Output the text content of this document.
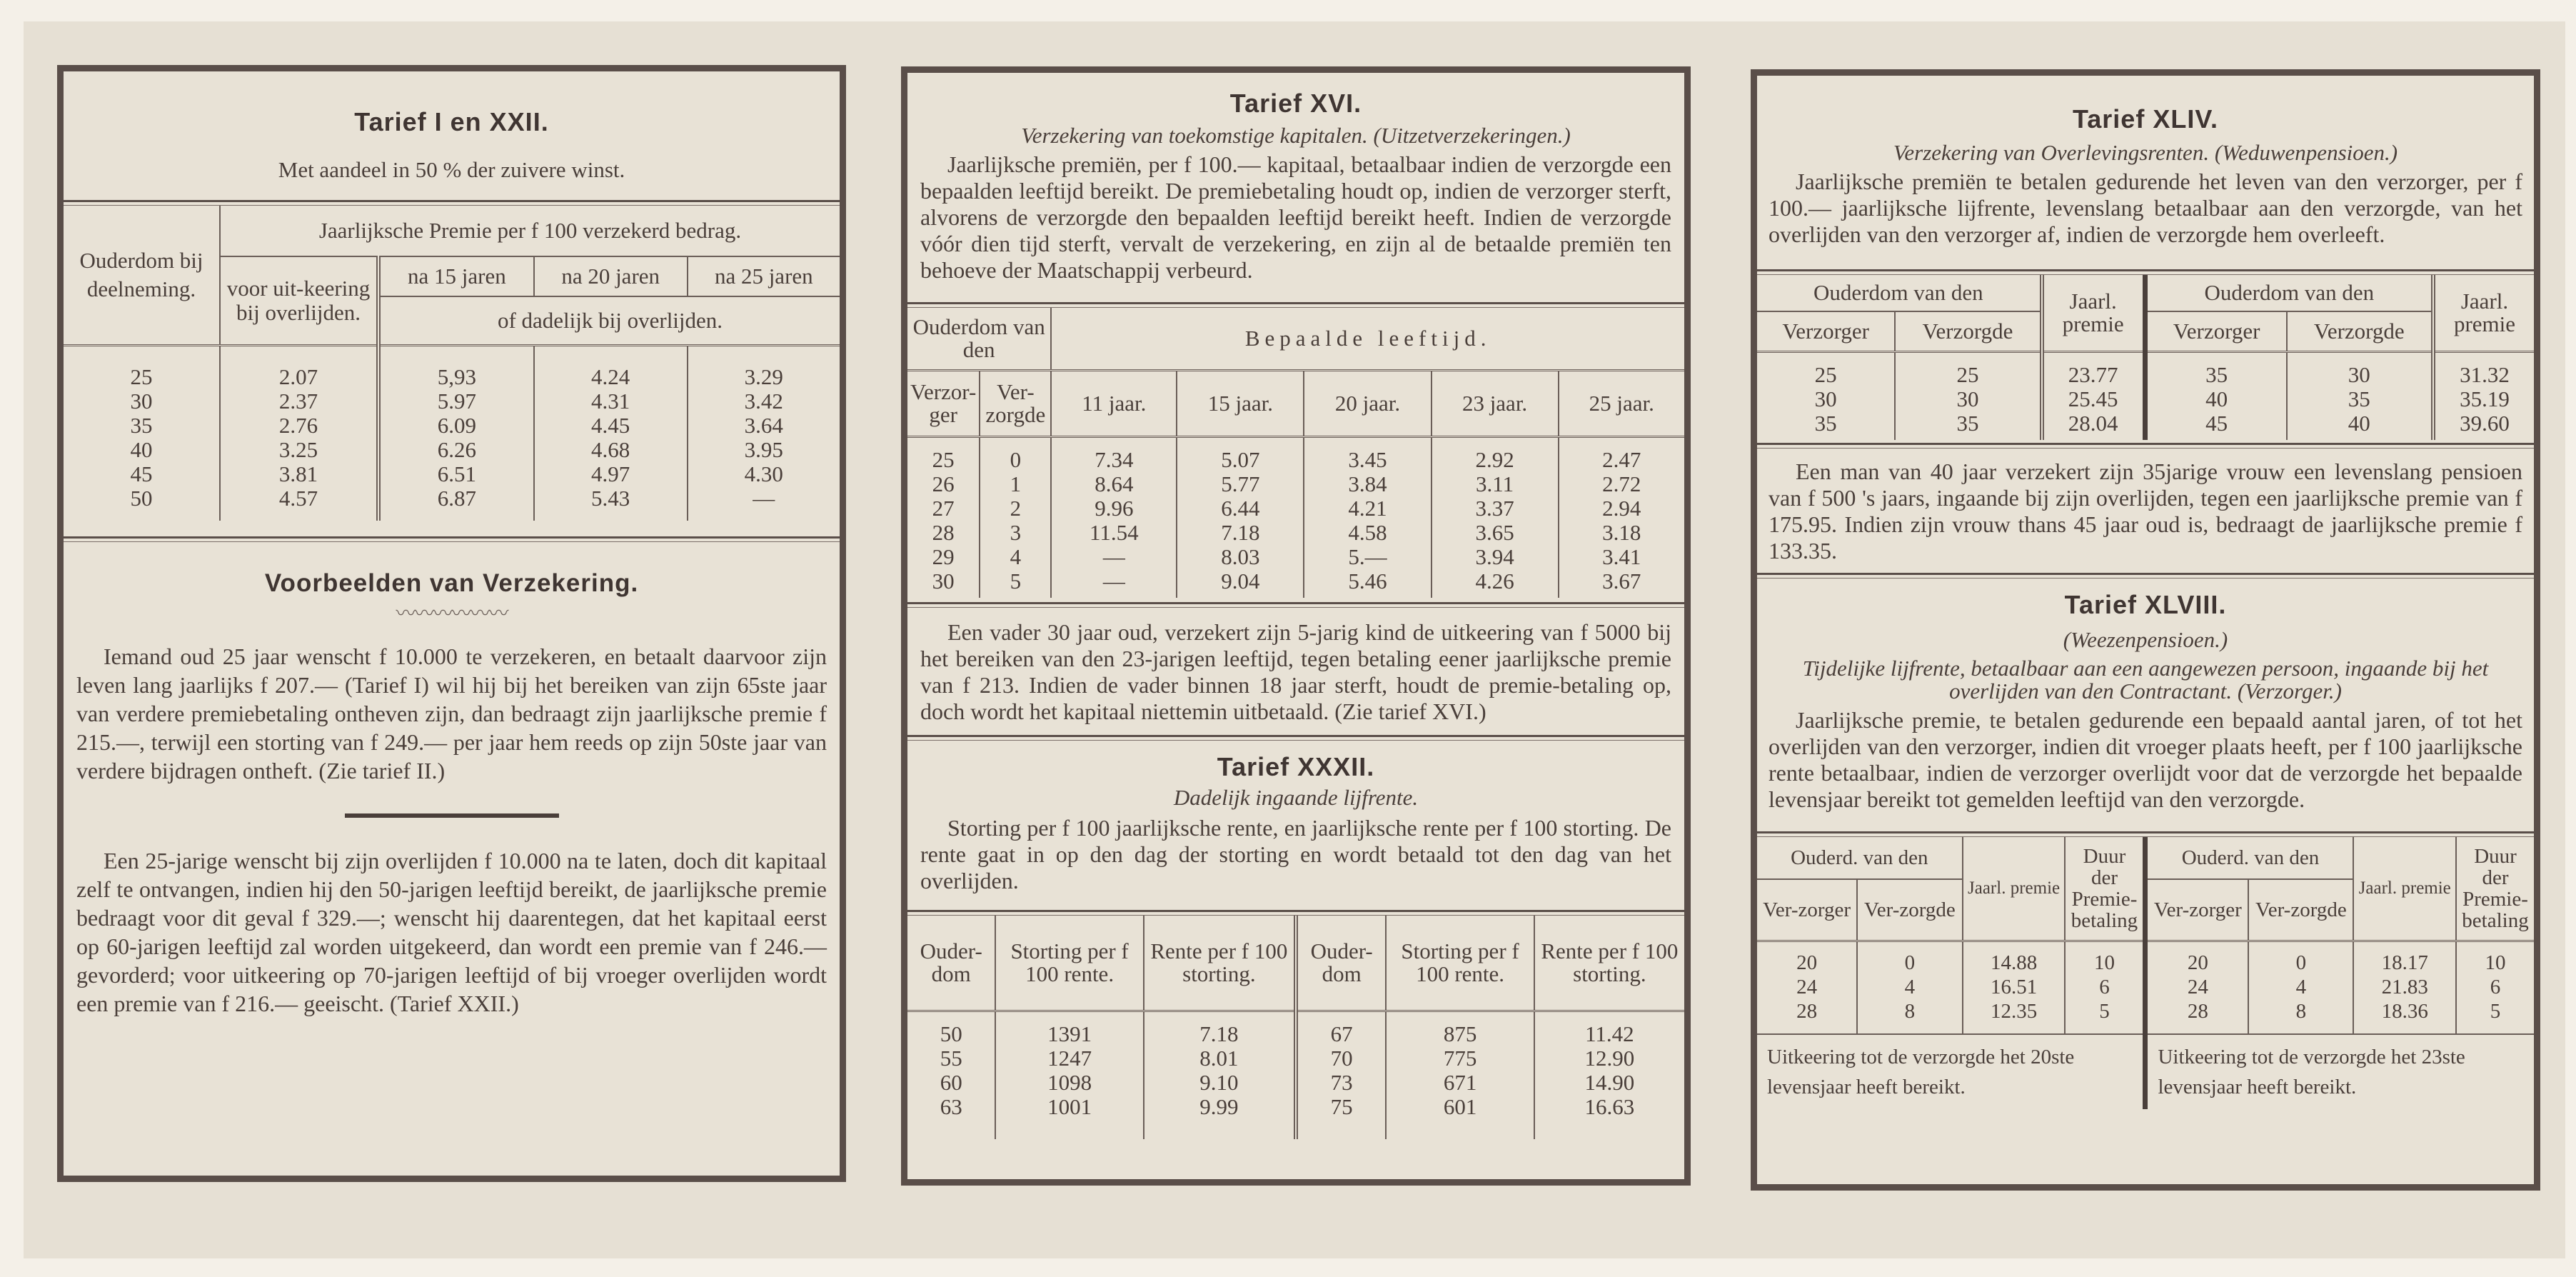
Tarief I en XXII.
Met aandeel in 50 % der zuivere winst.
Ouderdom bij deelneming.	Jaarlijksche Premie per f 100 verzekerd bedrag.			
	voor uit-keering bij overlijden.	na 15 jaren	na 20 jaren	na 25 jaren
		of dadelijk bij overlijden.		
25	2.07	5,93	4.24	3.29
30	2.37	5.97	4.31	3.42
35	2.76	6.09	4.45	3.64
40	3.25	6.26	4.68	3.95
45	3.81	6.51	4.97	4.30
50	4.57	6.87	5.43	—
Voorbeelden van Verzekering.

〰〰〰〰〰〰

Iemand oud 25 jaar wenscht f 10.000 te verzekeren, en betaalt daarvoor zijn leven lang jaarlijks f 207.— (Tarief I) wil hij bij het bereiken van zijn 65ste jaar van verdere premiebetaling ontheven zijn, dan bedraagt zijn jaarlijksche premie f 215.—, terwijl een storting van f 249.— per jaar hem reeds op zijn 50ste jaar van verdere bijdragen ontheft. (Zie tarief II.)

Een 25-jarige wenscht bij zijn overlijden f 10.000 na te laten, doch dit kapitaal zelf te ontvangen, indien hij den 50-jarigen leeftijd bereikt, de jaarlijksche premie bedraagt voor dit geval f 329.—; wenscht hij daarentegen, dat het kapitaal eerst op 60-jarigen leeftijd zal worden uitgekeerd, dan wordt een premie van f 246.— gevorderd; voor uitkeering op 70-jarigen leeftijd of bij vroeger overlijden wordt een premie van f 216.— geeischt. (Tarief XXII.)

Tarief XVI.
Verzekering van toekomstige kapitalen. (Uitzetverzekeringen.)

Jaarlijksche premiën, per f 100.— kapitaal, betaalbaar indien de verzorgde een bepaalden leeftijd bereikt. De premiebetaling houdt op, indien de verzorger sterft, alvorens de verzorgde den bepaalden leeftijd bereikt heeft. Indien de verzorgde vóór dien tijd sterft, vervalt de verzekering, en zijn al de betaalde premiën ten behoeve der Maatschappij verbeurd.

Ouderdom van den		Bepaalde leeftijd.				
Verzor-ger	Ver-zorgde	11 jaar.	15 jaar.	20 jaar.	23 jaar.	25 jaar.
25	0	7.34	5.07	3.45	2.92	2.47
26	1	8.64	5.77	3.84	3.11	2.72
27	2	9.96	6.44	4.21	3.37	2.94
28	3	11.54	7.18	4.58	3.65	3.18
29	4	—	8.03	5.—	3.94	3.41
30	5	—	9.04	5.46	4.26	3.67

Een vader 30 jaar oud, verzekert zijn 5-jarig kind de uitkeering van f 5000 bij het bereiken van den 23-jarigen leeftijd, tegen betaling eener jaarlijksche premie van f 213. Indien de vader binnen 18 jaar sterft, houdt de premie-betaling op, doch wordt het kapitaal niettemin uitbetaald. (Zie tarief XVI.)

Tarief XXXII.
Dadelijk ingaande lijfrente.

Storting per f 100 jaarlijksche rente, en jaarlijksche rente per f 100 storting. De rente gaat in op den dag der storting en wordt betaald tot den dag van het overlijden.

Ouder-dom	Storting per f 100 rente.	Rente per f 100 storting.	Ouder-dom	Storting per f 100 rente.	Rente per f 100 storting.
50	1391	7.18	67	875	11.42
55	1247	8.01	70	775	12.90
60	1098	9.10	73	671	14.90
63	1001	9.99	75	601	16.63
Tarief XLIV.
Verzekering van Overlevingsrenten. (Weduwenpensioen.)

Jaarlijksche premiën te betalen gedurende het leven van den verzorger, per f 100.— jaarlijksche lijfrente, levenslang betaalbaar aan den verzorgde, van het overlijden van den verzorger af, indien de verzorgde hem overleeft.

Ouderdom van den		Jaarl. premie	Ouderdom van den		Jaarl. premie
Verzorger	Verzorgde		Verzorger	Verzorgde	
25	25	23.77	35	30	31.32
30	30	25.45	40	35	35.19
35	35	28.04	45	40	39.60

Een man van 40 jaar verzekert zijn 35jarige vrouw een levenslang pensioen van f 500 's jaars, ingaande bij zijn overlijden, tegen een jaarlijksche premie van f 175.95. Indien zijn vrouw thans 45 jaar oud is, bedraagt de jaarlijksche premie f 133.35.

Tarief XLVIII.
(Weezenpensioen.)
Tijdelijke lijfrente, betaalbaar aan een aangewezen persoon, ingaande bij het overlijden van den Contractant. (Verzorger.)

Jaarlijksche premie, te betalen gedurende een bepaald aantal jaren, of tot het overlijden van den verzorger, indien dit vroeger plaats heeft, per f 100 jaarlijksche rente betaalbaar, indien de verzorger overlijdt voor dat de verzorgde het bepaalde levensjaar bereikt tot gemelden leeftijd van den verzorgde.

Ouderd. van den		Jaarl. premie	Duur der Premie-betaling	Ouderd. van den		Jaarl. premie	Duur der Premie-betaling
Ver-zorger	Ver-zorgde			Ver-zorger	Ver-zorgde		
20	0	14.88	10	20	0	18.17	10
24	4	16.51	6	24	4	21.83	6
28	8	12.35	5	28	8	18.36	5
Uitkeering tot de verzorgde het 20ste levensjaar heeft bereikt.				Uitkeering tot de verzorgde het 23ste levensjaar heeft bereikt.			
